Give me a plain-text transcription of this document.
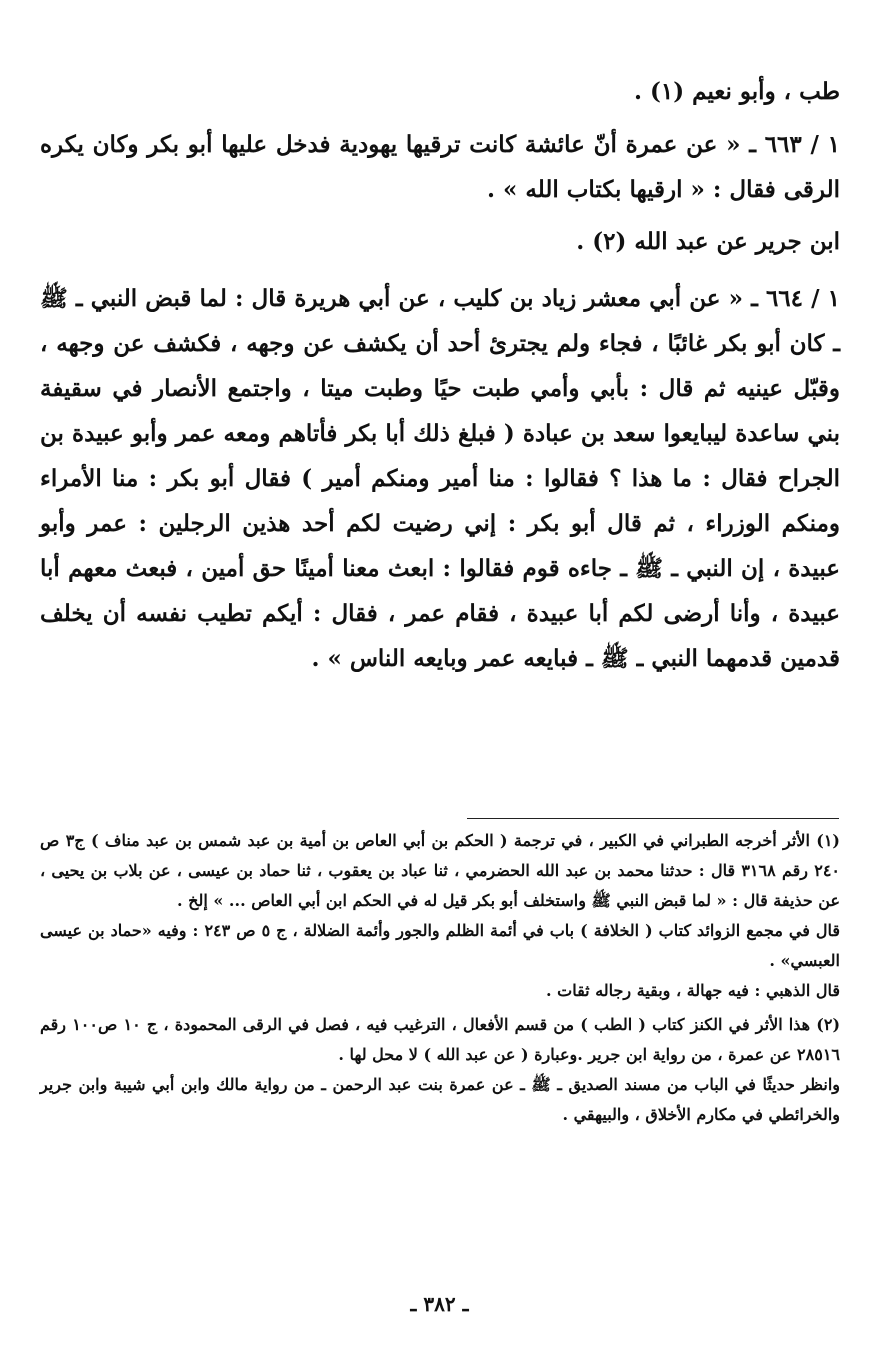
طب ، وأبو نعيم (١) .

١ / ٦٦٣ ـ « عن عمرة أنّ عائشة كانت ترقيها يهودية فدخل عليها أبو بكر وكان يكره الرقى فقال : « ارقيها بكتاب الله » .

ابن جرير عن عبد الله (٢) .

١ / ٦٦٤ ـ « عن أبي معشر زياد بن كليب ، عن أبي هريرة قال : لما قبض النبي ـ ﷺ ـ كان أبو بكر غائبًا ، فجاء ولم يجترئ أحد أن يكشف عن وجهه ، فكشف عن وجهه ، وقبّل عينيه ثم قال : بأبي وأمي طبت حيًا وطبت ميتا ، واجتمع الأنصار في سقيفة بني ساعدة ليبايعوا سعد بن عبادة ( فبلغ ذلك أبا بكر فأتاهم ومعه عمر وأبو عبيدة بن الجراح فقال : ما هذا ؟ فقالوا : منا أمير ومنكم أمير ) فقال أبو بكر : منا الأمراء ومنكم الوزراء ، ثم قال أبو بكر : إني رضيت لكم أحد هذين الرجلين : عمر وأبو عبيدة ، إن النبي ـ ﷺ ـ جاءه قوم فقالوا : ابعث معنا أمينًا حق أمين ، فبعث معهم أبا عبيدة ، وأنا أرضى لكم أبا عبيدة ، فقام عمر ، فقال : أيكم تطيب نفسه أن يخلف قدمين قدمهما النبي ـ ﷺ ـ فبايعه عمر وبايعه الناس » .

(١) الأثر أخرجه الطبراني في الكبير ، في ترجمة ( الحكم بن أبي العاص بن أمية بن عبد شمس بن عبد مناف ) ج٣ ص ٢٤٠ رقم ٣١٦٨ قال : حدثنا محمد بن عبد الله الحضرمي ، ثنا عباد بن يعقوب ، ثنا حماد بن عيسى ، عن بلاب بن يحيى ، عن حذيفة قال : « لما قبض النبي ﷺ واستخلف أبو بكر قيل له في الحكم ابن أبي العاص ... » إلخ .

قال في مجمع الزوائد كتاب ( الخلافة ) باب في أئمة الظلم والجور وأئمة الضلالة ، ج ٥ ص ٢٤٣ : وفيه «حماد بن عيسى العبسي» .

قال الذهبي : فيه جهالة ، وبقية رجاله ثقات .

(٢) هذا الأثر في الكنز كتاب ( الطب ) من قسم الأفعال ، الترغيب فيه ، فصل في الرقى المحمودة ، ج ١٠ ص١٠٠ رقم ٢٨٥١٦ عن عمرة ، من رواية ابن جرير .وعبارة ( عن عبد الله ) لا محل لها .

وانظر حديثًا في الباب من مسند الصديق ـ ﷺ ـ عن عمرة بنت عبد الرحمن ـ من رواية مالك وابن أبي شيبة وابن جرير والخرائطي في مكارم الأخلاق ، والبيهقي .

ـ ٣٨٢ ـ
